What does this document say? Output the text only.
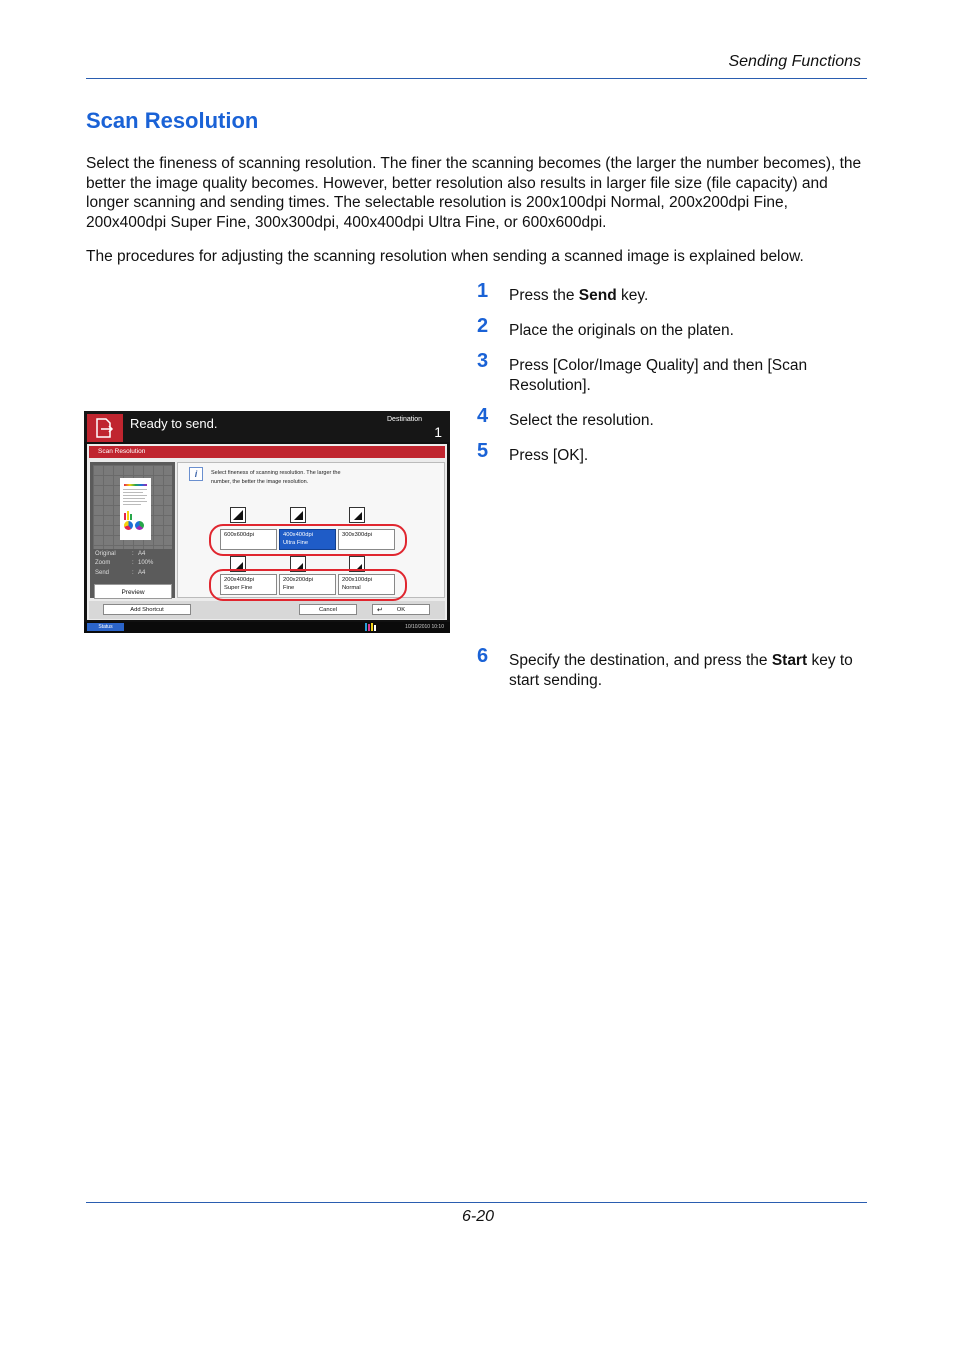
Sending Functions
Scan Resolution

Select the fineness of scanning resolution. The finer the scanning becomes (the larger the number becomes), the better the image quality becomes. However, better resolution also results in larger file size (file capacity) and longer scanning and sending times. The selectable resolution is 200x100dpi Normal, 200x200dpi Fine, 200x400dpi Super Fine, 300x300dpi, 400x400dpi Ultra Fine, or 600x600dpi.

The procedures for adjusting the scanning resolution when sending a scanned image is explained below.

1 Press the Send key.
2 Place the originals on the platen.
3 Press [Color/Image Quality] and then [Scan Resolution].
4 Select the resolution.
5 Press [OK].
6 Specify the destination, and press the Start key to start sending.
Ready to send.	Destination
1
Scan Resolution
Original	: A4
Zoom	: 100%
Send	: A4
Preview
i	Select fineness of scanning resolution. The larger the number, the better the image resolution.
600x600dpi	400x400dpi
Ultra Fine
300x300dpi
200x400dpi
Super Fine
200x200dpi
Fine
200x100dpi
Normal
Add Shortcut	Cancel	↵ OK
Status	10/10/2010 10:10
6-20
